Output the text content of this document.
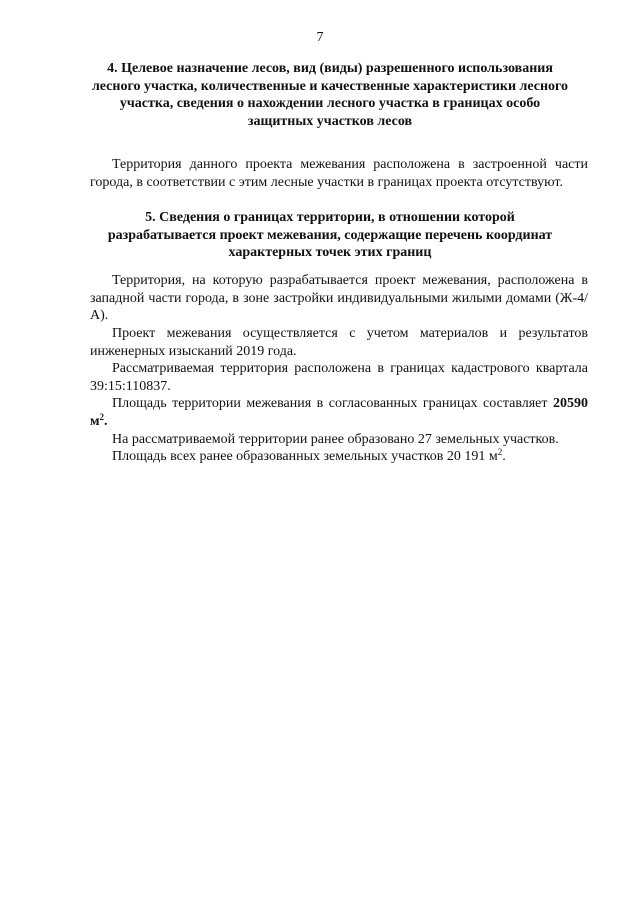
7
4. Целевое назначение лесов, вид (виды) разрешенного использования лесного участка, количественные и качественные характеристики лесного участка, сведения о нахождении лесного участка в границах особо защитных участков лесов
Территория данного проекта межевания расположена в застроенной части города, в соответствии с этим лесные участки в границах проекта отсутствуют.
5. Сведения о границах территории, в отношении которой разрабатывается проект межевания, содержащие перечень координат характерных точек этих границ
Территория, на которую разрабатывается проект межевания, расположена в западной части города, в зоне застройки индивидуальными жилыми домами (Ж-4/А).
Проект межевания осуществляется с учетом материалов и результатов инженерных изысканий 2019 года.
Рассматриваемая территория расположена в границах кадастрового квартала 39:15:110837.
Площадь территории межевания в согласованных границах составляет 20590 $м^2$.
На рассматриваемой территории ранее образовано 27 земельных участков.
Площадь всех ранее образованных земельных участков 20 191 $м^2$.
